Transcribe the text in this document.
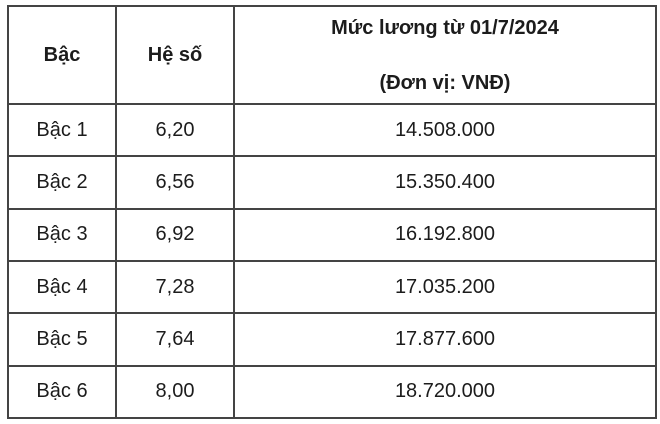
Bậc	Hệ số	Mức lương từ 01/7/2024
(Đơn vị: VNĐ)

Bậc 1	6,20	14.508.000
Bậc 2	6,56	15.350.400
Bậc 3	6,92	16.192.800
Bậc 4	7,28	17.035.200
Bậc 5	7,64	17.877.600
Bậc 6	8,00	18.720.000
